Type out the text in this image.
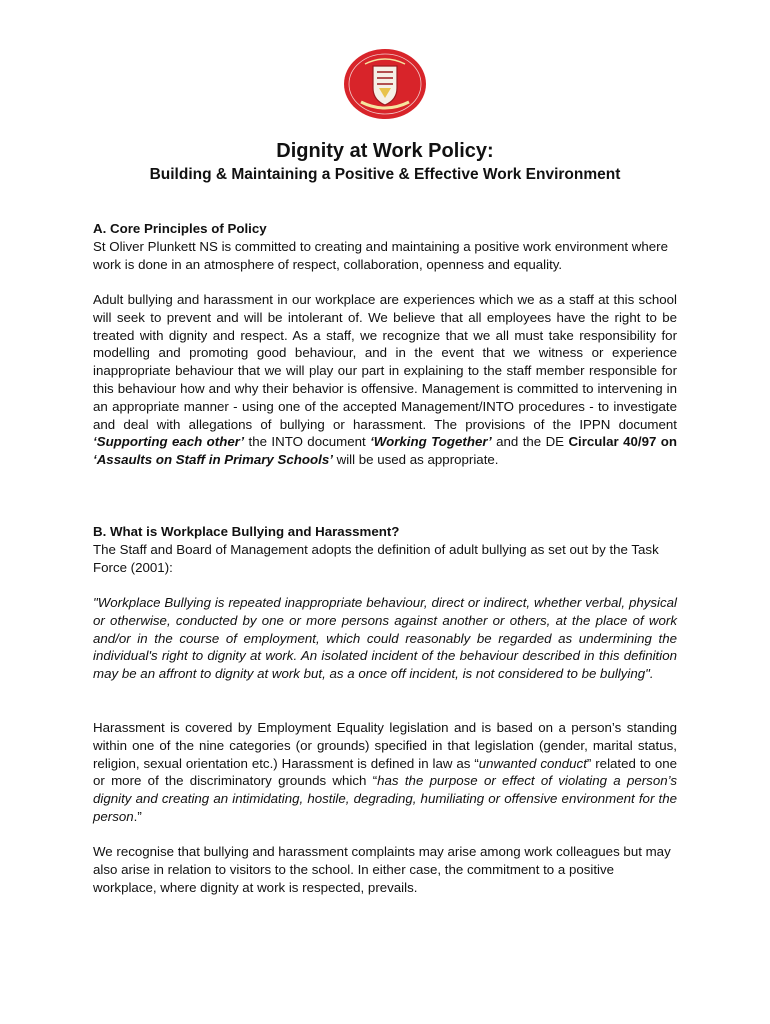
Dignity at Work Policy:
Building & Maintaining a Positive & Effective Work Environment

A. Core Principles of Policy

St Oliver Plunkett NS is committed to creating and maintaining a positive work environment where work is done in an atmosphere of respect, collaboration, openness and equality.

Adult bullying and harassment in our workplace are experiences which we as a staff at this school will seek to prevent and will be intolerant of. We believe that all employees have the right to be treated with dignity and respect. As a staff, we recognize that we all must take responsibility for modelling and promoting good behaviour, and in the event that we witness or experience inappropriate behaviour that we will play our part in explaining to the staff member responsible for this behaviour how and why their behavior is offensive. Management is committed to intervening in an appropriate manner - using one of the accepted Management/INTO procedures - to investigate and deal with allegations of bullying or harassment. The provisions of the IPPN document ‘Supporting each other’ the INTO document ‘Working Together’ and the DE Circular 40/97 on ‘Assaults on Staff in Primary Schools’ will be used as appropriate.

B. What is Workplace Bullying and Harassment?

The Staff and Board of Management adopts the definition of adult bullying as set out by the Task Force (2001):

"Workplace Bullying is repeated inappropriate behaviour, direct or indirect, whether verbal, physical or otherwise, conducted by one or more persons against another or others, at the place of work and/or in the course of employment, which could reasonably be regarded as undermining the individual's right to dignity at work. An isolated incident of the behaviour described in this definition may be an affront to dignity at work but, as a once off incident, is not considered to be bullying".

Harassment is covered by Employment Equality legislation and is based on a person’s standing within one of the nine categories (or grounds) specified in that legislation (gender, marital status, religion, sexual orientation etc.) Harassment is defined in law as “unwanted conduct” related to one or more of the discriminatory grounds which “has the purpose or effect of violating a person’s dignity and creating an intimidating, hostile, degrading, humiliating or offensive environment for the person.”

We recognise that bullying and harassment complaints may arise among work colleagues but may also arise in relation to visitors to the school. In either case, the commitment to a positive workplace, where dignity at work is respected, prevails.
